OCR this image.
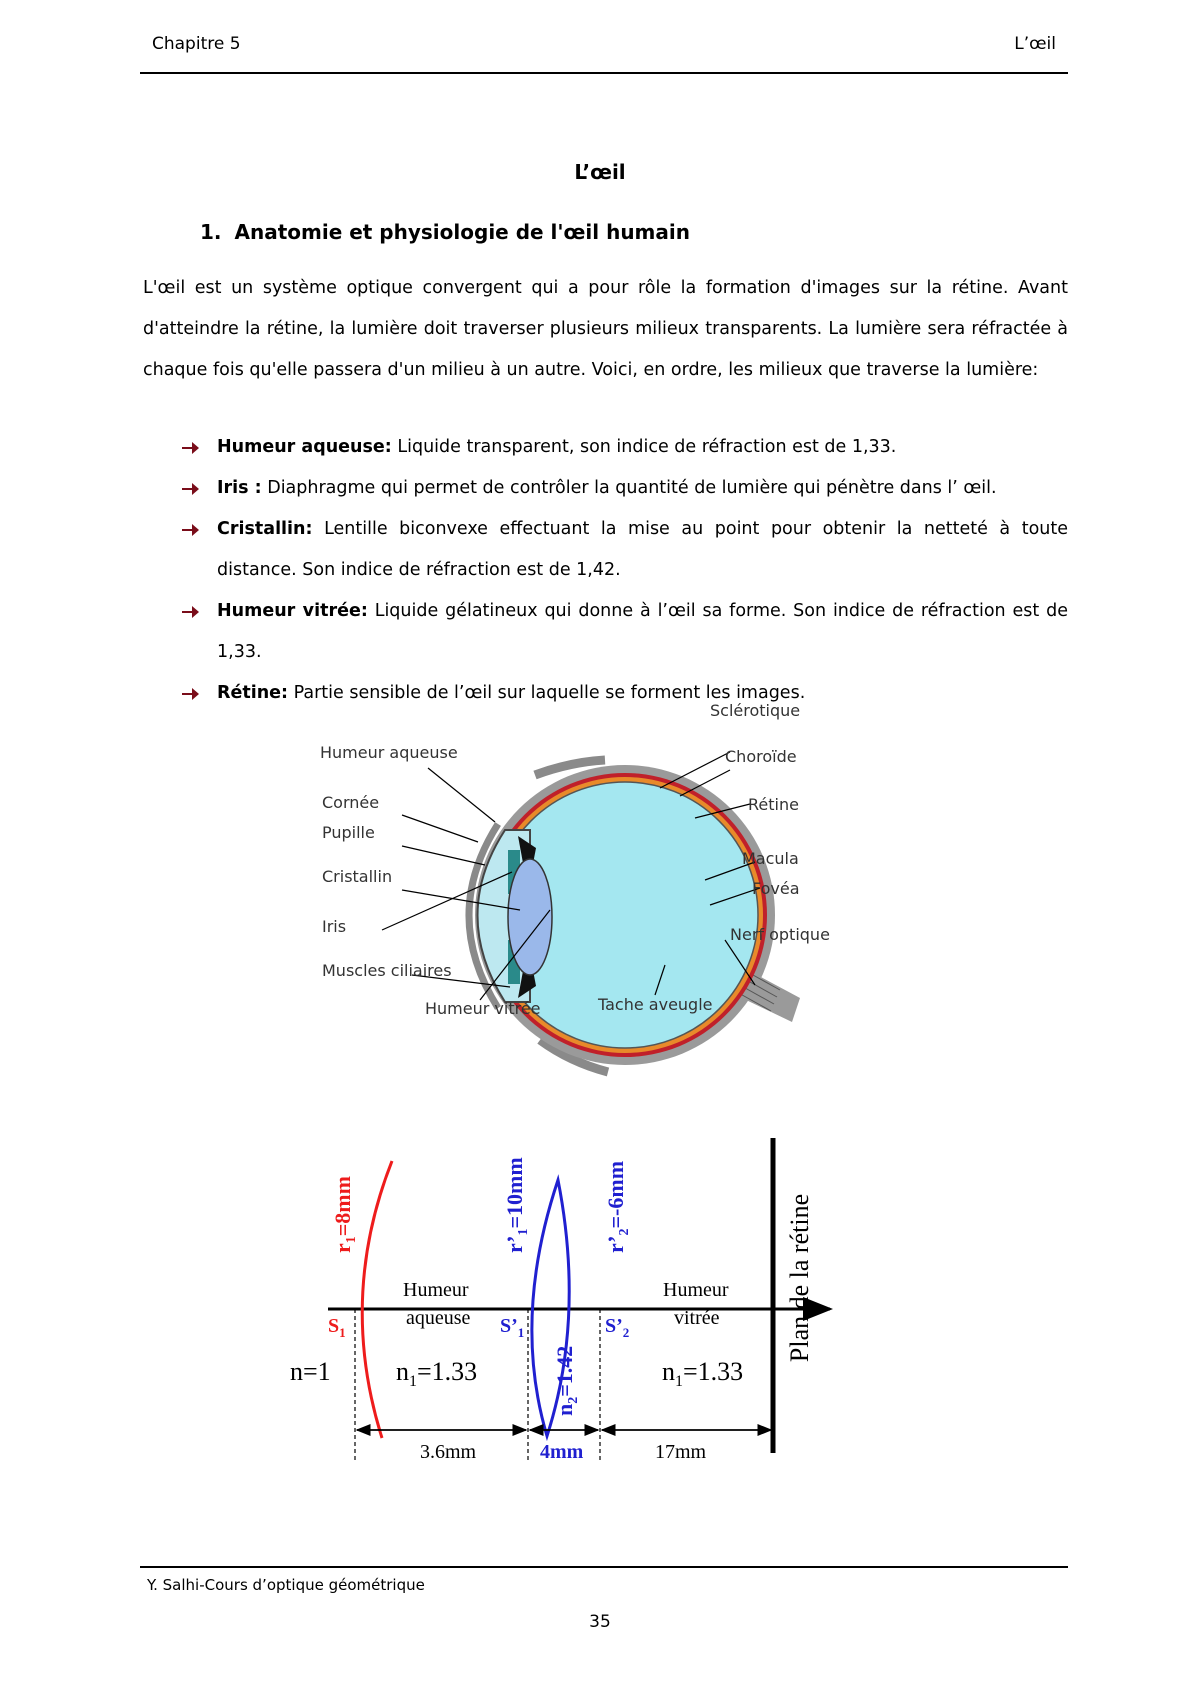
Chapitre 5	L’œil
L’œil
1. Anatomie et physiologie de l'œil humain

L'œil est un système optique convergent qui a pour rôle la formation d'images sur la rétine. Avant d'atteindre la rétine, la lumière doit traverser plusieurs milieux transparents. La lumière sera réfractée à chaque fois qu'elle passera d'un milieu à un autre. Voici, en ordre, les milieux que traverse la lumière:

Humeur aqueuse: Liquide transparent, son indice de réfraction est de 1,33.
Iris : Diaphragme qui permet de contrôler la quantité de lumière qui pénètre dans l’ œil.
Cristallin: Lentille biconvexe effectuant la mise au point pour obtenir la netteté à toute distance. Son indice de réfraction est de 1,42.
Humeur vitrée: Liquide gélatineux qui donne à l’œil sa forme. Son indice de réfraction est de 1,33.
Rétine: Partie sensible de l’œil sur laquelle se forment les images.
Humeur aqueuse
Cornée
Pupille
Cristallin
Iris
Muscles ciliaires
Sclérotique
Choroïde
Rétine
Macula
Fovéa
Nerf optique
Humeur vitrée	Tache aveugle
$r_1=8mm$
$r’_1=10mm$
$r’_2=-6mm$
$S_1$	$S’_1$	$S’_2$
Humeur
aqueuse
Humeur
vitrée
n=1	$n_1=1.33$
$n_2=1.42$	$n_1=1.33$
Plan de la rétine
3.6mm	4mm	17mm
Y. Salhi-Cours d’optique géométrique
35
